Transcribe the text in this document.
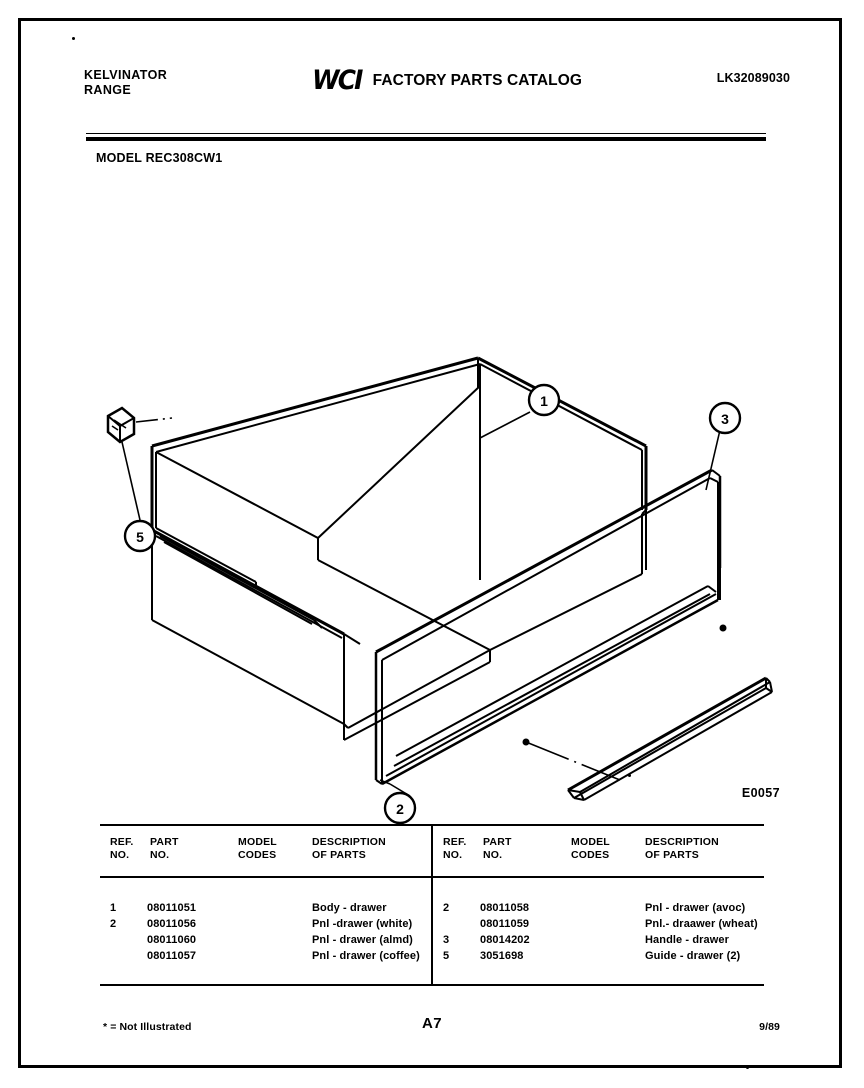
KELVINATOR
RANGE	WCI FACTORY PARTS CATALOG	LK32089030
MODEL REC308CW1
1
2
3
5
E0057
REF.
NO.
PART
NO.
MODEL
CODES
DESCRIPTION
OF PARTS
1	08011051	Body - drawer
2	08011056	Pnl -drawer (white)
08011060	Pnl - drawer (almd)
08011057	Pnl - drawer (coffee)
REF.
NO.
PART
NO.
MODEL
CODES
DESCRIPTION
OF PARTS
2	08011058	Pnl - drawer (avoc)
08011059	Pnl.- draawer (wheat)
3	08014202	Handle - drawer
5	3051698	Guide - drawer (2)
* = Not Illustrated	A7	9/89
